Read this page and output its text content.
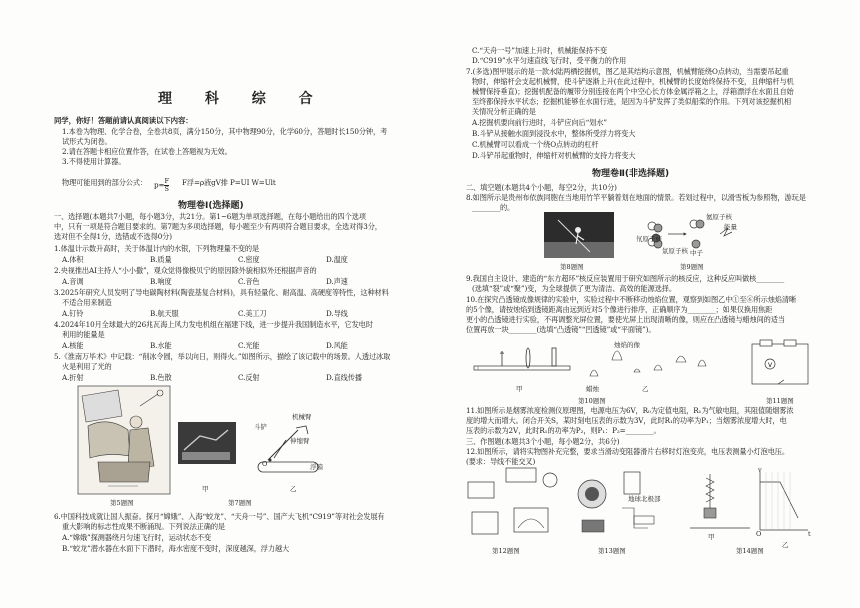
理 科 综 合
同学，你好！答题前请认真阅读以下内容：
1.本卷为物理、化学合卷，全卷共8页，满分150分，其中物理90分，化学60分，答题时长150分钟，考
试形式为闭卷。
2.请在答题卡相应位置作答，在试卷上答题视为无效。
3.不得使用计算器。
物理可能用到的部分公式： $p= \frac{F}{S}$ F浮=ρ液gV排 P=UI W=Ult
物理卷Ⅰ(选择题)
一、选择题(本题共7小题，每小题3分，共21分。第1~6题为单项选择题，在每小题给出的四个选项
中，只有一项是符合题目要求的。第7题为多项选择题，每小题至少有两项符合题目要求，全选对得3分，
选对但不全得1分，选错或不选得0分)
1.体温计示数升高时，关于体温计内的水银，下列物理量不变的是
A.体积	B.质量	C.密度	D.温度
2.央视推出AI主持人“小小撒”，观众觉得像极贝宁的原因除外貌相似外还根据声音的
A.音调	B.响度	C.音色	D.声速
3.2025年研究人员发明了导电碳陶材料(陶瓷基复合材料)，具有轻量化、耐高温、高硬度等特性，这种材料
不适合用来制造
A.钉铃	B.航天服	C.美工刀	D.导线
4.2024年10月全球最大的26兆瓦海上风力发电机组在福建下线，进一步提升我国制造水平，它发电时
利用的能量是
A.核能	B.水能	C.光能	D.风能
5.《淮南万毕术》中记载：“削冰令圆，举以向日，则得火。”如图所示，描绘了该记载中的场景。人透过冰取
火是利用了光的
A.折射	B.色散	C.反射	D.直线传播
第5题图
机械臂
斗铲
伸缩臂
浮箱
O
甲	乙
第7题图
6.中国科技成就让国人振奋。探月“嫦娥”、入海“蛟龙”、“天舟一号”、国产大飞机“C919”等对社会发展有
重大影响的标志性成果不断涌现。下列说法正确的是
A.“嫦娥”探测器绕月匀速飞行时，运动状态不变
B.“蛟龙”潜水器在水面下下潜时，海水密度不变时，深度越深，浮力越大
C.“天舟一号”加速上升时，机械能保持不变
D.“C919”水平匀速直线飞行时，受平衡力的作用
7.(多选)图甲展示的是一款水陆两栖挖掘机，图乙是其结构示意图，机械臂能绕O点转动，当需要吊起重
物时，伸缩杆会支起机械臂，使斗铲逐渐上升(在此过程中，机械臂的长度始终保持不变，且伸缩杆与机
械臂保持垂直)；挖掘机配备的履带分别连接在两个中空心长方体金属浮箱之上，浮箱漂浮在水面且自始
至终都保持水平状态；挖掘机能够在水面行进，是因为斗铲发挥了类似船桨的作用。下列对该挖掘机相
关情况分析正确的是
A.挖掘机要向前行进时，斗铲应向后“划水”
B.斗铲从接触水面到浸没水中，整体所受浮力将变大
C.机械臂可以看成一个绕O点转动的杠杆
D.斗铲吊起重物时，伸缩杆对机械臂的支持力将变大
物理卷Ⅱ(非选择题)
二、填空题(本题共4个小题，每空2分，共10分)
8.如图所示是贵州布依族同胞在当地用竹竿平躺着划在地面的情景。若划过程中，以滑雪板为参照物，游玩是
________的。
第8题图
氘原子核
氚原子核 中子
能量
氦原子核
第9题图
9.我国自主设计、建造的“东方超环”核反应装置用于研究如图所示的核反应，这种反应叫做核________
(选填“裂”或“聚”)变，为全球提供了更为清洁、高效的能源选择。
10.在探究凸透镜成像规律的实验中，实验过程中不断移动烛焰位置，观察到如图乙中①至⑥所示烛焰清晰
的5个像，请按烛焰到透镜距离由远到近对5个像进行排序，正确顺序为________；如果仅换用焦距
更小的凸透镜进行实验，不再调整光屏位置，要使光屏上出现清晰的像，则应在凸透镜与蜡烛间的适当
位置再放一块________(选填“凸透镜”“凹透镜”或“平面镜”)。
烛焰的像
蜡烛
甲	乙
第10题图
V
第11题图
11.如图所示是烟雾浓度检测仪原理图，电源电压为6V，R₀为定值电阻，R₁为气敏电阻，其阻值随烟雾浓
度的增大而增大。闭合开关S，某时刻电压表的示数为3V，此时R₁的功率为P₁；当烟雾浓度增大时，电
压表的示数为2V，此时R₁的功率为P₂，则P₁：P₂=________。
三、作图题(本题共3个小题，每小题2分，共6分)
12.如图所示，请将实物图补充完整，要求当滑动变阻器滑片右移时灯泡变亮，电压表测量小灯泡电压。
(要求：导线不能交叉)
第12题图
地球北极部
第13题图
v
O	t
甲
乙
第14题图
